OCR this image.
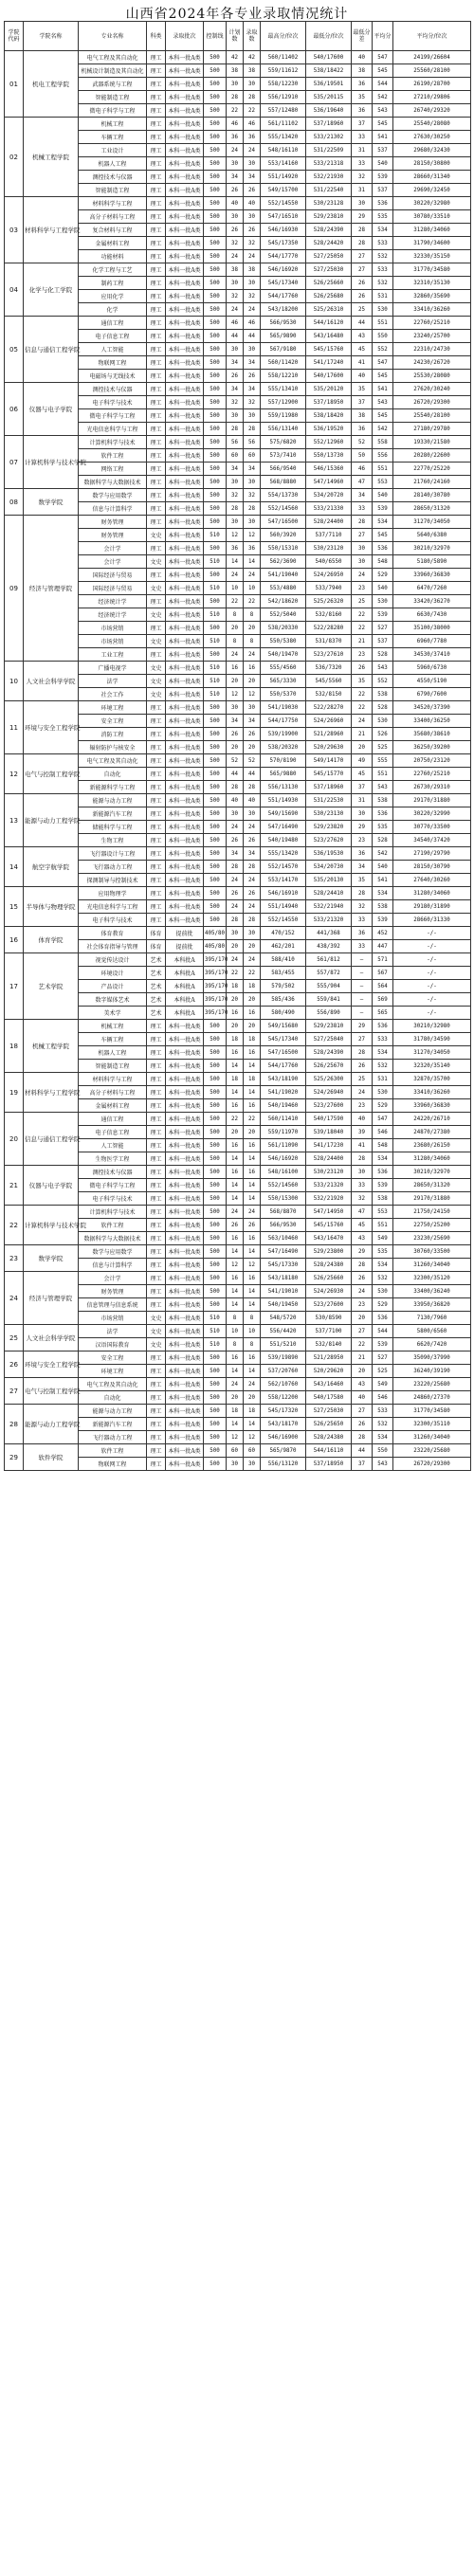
山西省2024年各专业录取情况统计
学院代码	学院名称	专业名称	科类	录取批次	控制线	计划数	录取数	最高分/位次	最低分/位次	最低分差	平均分	平均分/位次
01	机电工程学院	电气工程及其自动化	理工	本科一批A类	500	42	42	560/11402	540/17600	40	547	24199/26604
		机械设计制造及其自动化	理工	本科一批A类	500	38	38	559/11612	538/18422	38	545	25560/28100
		武器系统与工程	理工	本科一批A类	500	30	30	558/12230	536/19501	36	544	26190/28700
		智能制造工程	理工	本科一批A类	500	28	28	556/12910	535/20115	35	542	27210/29806
		微电子科学与工程	理工	本科一批A类	500	22	22	557/12480	536/19640	36	543	26740/29320
02	机械工程学院	机械工程	理工	本科一批A类	500	46	46	561/11102	537/18960	37	545	25540/28080
		车辆工程	理工	本科一批A类	500	36	36	555/13420	533/21302	33	541	27630/30250
		工业设计	理工	本科一批A类	500	24	24	548/16110	531/22509	31	537	29680/32430
		机器人工程	理工	本科一批A类	500	30	30	553/14160	533/21318	33	540	28150/30800
		测控技术与仪器	理工	本科一批A类	500	34	34	551/14920	532/21930	32	539	28660/31340
		智能制造工程	理工	本科一批A类	500	26	26	549/15700	531/22540	31	537	29690/32450
03	材料科学与工程学院	材料科学与工程	理工	本科一批A类	500	40	40	552/14550	530/23128	30	536	30220/32980
		高分子材料与工程	理工	本科一批A类	500	30	30	547/16510	529/23810	29	535	30780/33510
		复合材料与工程	理工	本科一批A类	500	26	26	546/16930	528/24390	28	534	31280/34060
		金属材料工程	理工	本科一批A类	500	32	32	545/17350	528/24420	28	533	31790/34600
		功能材料	理工	本科一批A类	500	24	24	544/17770	527/25050	27	532	32330/35150
04	化学与化工学院	化学工程与工艺	理工	本科一批A类	500	38	38	546/16920	527/25030	27	533	31770/34580
		制药工程	理工	本科一批A类	500	30	30	545/17340	526/25660	26	532	32310/35130
		应用化学	理工	本科一批A类	500	32	32	544/17760	526/25680	26	531	32860/35690
		化学	理工	本科一批A类	500	24	24	543/18200	525/26310	25	530	33410/36260
05	信息与通信工程学院	通信工程	理工	本科一批A类	500	46	46	566/9530	544/16120	44	551	22760/25210
		电子信息工程	理工	本科一批A类	500	44	44	565/9890	543/16480	43	550	23240/25700
		人工智能	理工	本科一批A类	500	30	30	567/9180	545/15760	45	552	22310/24730
		物联网工程	理工	本科一批A类	500	34	34	560/11420	541/17240	41	547	24230/26720
		电磁场与无线技术	理工	本科一批A类	500	26	26	558/12210	540/17600	40	545	25530/28080
06	仪器与电子学院	测控技术与仪器	理工	本科一批A类	500	34	34	555/13410	535/20120	35	541	27620/30240
		电子科学与技术	理工	本科一批A类	500	32	32	557/12900	537/18950	37	543	26720/29300
		微电子科学与工程	理工	本科一批A类	500	30	30	559/11980	538/18420	38	545	25540/28100
		光电信息科学与工程	理工	本科一批A类	500	28	28	556/13140	536/19520	36	542	27180/29780
07	计算机科学与技术学院	计算机科学与技术	理工	本科一批A类	500	56	56	575/6820	552/12960	52	558	19330/21580
		软件工程	理工	本科一批A类	500	60	60	573/7410	550/13730	50	556	20280/22600
		网络工程	理工	本科一批A类	500	34	34	566/9540	546/15360	46	551	22770/25220
		数据科学与大数据技术	理工	本科一批A类	500	30	30	568/8880	547/14960	47	553	21760/24160
08	数学学院	数学与应用数学	理工	本科一批A类	500	32	32	554/13730	534/20720	34	540	28140/30780
		信息与计算科学	理工	本科一批A类	500	28	28	552/14560	533/21330	33	539	28650/31320
09	经济与管理学院	财务管理	理工	本科一批A类	500	30	30	547/16500	528/24400	28	534	31270/34050
		财务管理	文史	本科一批A类	510	12	12	560/3920	537/7110	27	545	5640/6380
		会计学	理工	本科一批A类	500	36	36	550/15310	530/23120	30	536	30210/32970
		会计学	文史	本科一批A类	510	14	14	562/3690	540/6550	30	548	5180/5890
		国际经济与贸易	理工	本科一批A类	500	24	24	541/19040	524/26950	24	529	33960/36830
		国际经济与贸易	文史	本科一批A类	510	10	10	553/4880	533/7940	23	540	6470/7260
		经济统计学	理工	本科一批A类	500	22	22	542/18620	525/26320	25	530	33420/36270
		经济统计学	文史	本科一批A类	510	8	8	552/5040	532/8160	22	539	6630/7430
		市场营销	理工	本科一批A类	500	20	20	538/20330	522/28280	22	527	35100/38000
		市场营销	文史	本科一批A类	510	8	8	550/5380	531/8370	21	537	6960/7780
		工业工程	理工	本科一批A类	500	24	24	540/19470	523/27610	23	528	34530/37410
10	人文社会科学学院	广播电视学	文史	本科一批A类	510	16	16	555/4560	536/7320	26	543	5960/6730
		法学	文史	本科一批A类	510	20	20	565/3330	545/5560	35	552	4550/5190
		社会工作	文史	本科一批A类	510	12	12	550/5370	532/8150	22	538	6790/7600
11	环境与安全工程学院	环境工程	理工	本科一批A类	500	30	30	541/19030	522/28270	22	528	34520/37390
		安全工程	理工	本科一批A类	500	34	34	544/17750	524/26960	24	530	33400/36250
		消防工程	理工	本科一批A类	500	26	26	539/19900	521/28960	21	526	35680/38610
		辐射防护与核安全	理工	本科一批A类	500	20	20	538/20320	520/29630	20	525	36250/39200
12	电气与控制工程学院	电气工程及其自动化	理工	本科一批A类	500	52	52	570/8190	549/14170	49	555	20750/23120
		自动化	理工	本科一批A类	500	44	44	565/9880	545/15770	45	551	22760/25210
		新能源科学与工程	理工	本科一批A类	500	28	28	556/13130	537/18960	37	543	26730/29310
13	能源与动力工程学院	能源与动力工程	理工	本科一批A类	500	40	40	551/14930	531/22530	31	538	29170/31880
		新能源汽车工程	理工	本科一批A类	500	30	30	549/15690	530/23130	30	536	30220/32990
		储能科学与工程	理工	本科一批A类	500	24	24	547/16490	529/23820	29	535	30770/33500
		生物工程	理工	本科一批A类	500	26	26	540/19480	523/27620	23	528	34540/37420
14	航空宇航学院	飞行器设计与工程	理工	本科一批A类	500	34	34	555/13420	536/19530	36	542	27190/29790
		飞行器动力工程	理工	本科一批A类	500	28	28	552/14570	534/20730	34	540	28150/30790
		探测制导与控制技术	理工	本科一批A类	500	24	24	553/14170	535/20130	35	541	27640/30260
15	半导体与物理学院	应用物理学	理工	本科一批A类	500	26	26	546/16910	528/24410	28	534	31280/34060
		光电信息科学与工程	理工	本科一批A类	500	24	24	551/14940	532/21940	32	538	29180/31890
		电子科学与技术	理工	本科一批A类	500	28	28	552/14550	533/21320	33	539	28660/31330
16	体育学院	体育教育	体育	提前批	405/80	30	30	470/152	441/368	36	452	-/-
		社会体育指导与管理	体育	提前批	405/80	20	20	462/201	438/392	33	447	-/-
17	艺术学院	视觉传达设计	艺术	本科批A	395/170	24	24	588/410	561/812	—	571	-/-
		环境设计	艺术	本科批A	395/170	22	22	583/455	557/872	—	567	-/-
		产品设计	艺术	本科批A	395/170	18	18	579/502	555/904	—	564	-/-
		数字媒体艺术	艺术	本科批A	395/170	20	20	585/436	559/841	—	569	-/-
		美术学	艺术	本科批A	395/170	16	16	580/490	556/890	—	565	-/-
18	机械工程学院	机械工程	理工	本科一批A类	500	20	20	549/15680	529/23810	29	536	30210/32980
		车辆工程	理工	本科一批A类	500	18	18	545/17340	527/25040	27	533	31780/34590
		机器人工程	理工	本科一批A类	500	16	16	547/16500	528/24390	28	534	31270/34050
		智能制造工程	理工	本科一批A类	500	14	14	544/17760	526/25670	26	532	32320/35140
19	材料科学与工程学院	材料科学与工程	理工	本科一批A类	500	18	18	543/18190	525/26300	25	531	32870/35700
		高分子材料与工程	理工	本科一批A类	500	14	14	541/19020	524/26940	24	530	33410/36260
		金属材料工程	理工	本科一批A类	500	16	16	540/19460	523/27600	23	529	33960/36830
20	信息与通信工程学院	通信工程	理工	本科一批A类	500	22	22	560/11410	540/17590	40	547	24220/26710
		电子信息工程	理工	本科一批A类	500	20	20	559/11970	539/18040	39	546	24870/27380
		人工智能	理工	本科一批A类	500	16	16	561/11090	541/17230	41	548	23680/26150
		生物医学工程	理工	本科一批A类	500	14	14	546/16920	528/24400	28	534	31280/34060
21	仪器与电子学院	测控技术与仪器	理工	本科一批A类	500	16	16	548/16100	530/23120	30	536	30210/32970
		微电子科学与工程	理工	本科一批A类	500	14	14	552/14560	533/21320	33	539	28650/31320
		电子科学与技术	理工	本科一批A类	500	14	14	550/15300	532/21920	32	538	29170/31880
22	计算机科学与技术学院	计算机科学与技术	理工	本科一批A类	500	24	24	568/8870	547/14950	47	553	21750/24150
		软件工程	理工	本科一批A类	500	26	26	566/9530	545/15760	45	551	22750/25200
		数据科学与大数据技术	理工	本科一批A类	500	16	16	563/10460	543/16470	43	549	23230/25690
23	数学学院	数学与应用数学	理工	本科一批A类	500	14	14	547/16490	529/23800	29	535	30760/33500
		信息与计算科学	理工	本科一批A类	500	12	12	545/17330	528/24380	28	534	31260/34040
24	经济与管理学院	会计学	理工	本科一批A类	500	16	16	543/18180	526/25660	26	532	32300/35120
		财务管理	理工	本科一批A类	500	14	14	541/19010	524/26930	24	530	33400/36240
		信息管理与信息系统	理工	本科一批A类	500	14	14	540/19450	523/27600	23	529	33950/36820
		市场营销	文史	本科一批A类	510	8	8	548/5720	530/8590	20	536	7130/7960
25	人文社会科学学院	法学	文史	本科一批A类	510	10	10	556/4420	537/7100	27	544	5800/6560
		汉语国际教育	文史	本科一批A类	510	8	8	551/5210	532/8140	22	539	6620/7420
26	环境与安全工程学院	安全工程	理工	本科一批A类	500	16	16	539/19890	521/28950	21	527	35090/37990
		环境工程	理工	本科一批A类	500	14	14	537/20760	520/29620	20	525	36240/39190
27	电气与控制工程学院	电气工程及其自动化	理工	本科一批A类	500	24	24	562/10760	543/16460	43	549	23220/25680
		自动化	理工	本科一批A类	500	20	20	558/12200	540/17580	40	546	24860/27370
28	能源与动力工程学院	能源与动力工程	理工	本科一批A类	500	18	18	545/17320	527/25030	27	533	31770/34580
		新能源汽车工程	理工	本科一批A类	500	14	14	543/18170	526/25650	26	532	32300/35110
		飞行器动力工程	理工	本科一批A类	500	12	12	546/16900	528/24380	28	534	31260/34040
29	软件学院	软件工程	理工	本科一批A类	500	60	60	565/9870	544/16110	44	550	23220/25680
		物联网工程	理工	本科一批A类	500	30	30	556/13120	537/18950	37	543	26720/29300
